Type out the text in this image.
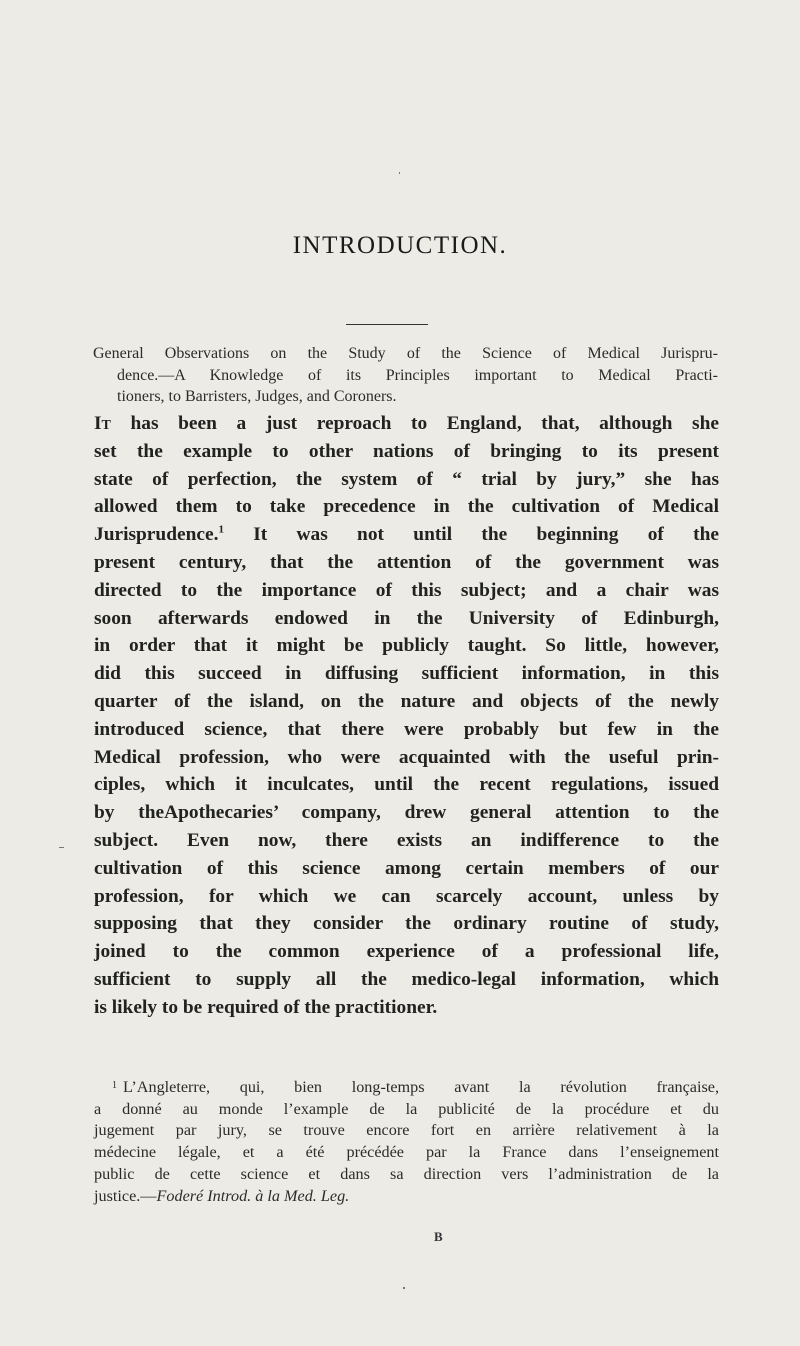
INTRODUCTION.
General Observations on the Study of the Science of Medical Jurispru-
dence.—A Knowledge of its Principles important to Medical Practi-
tioners, to Barristers, Judges, and Coroners.
It has been a just reproach to England, that, although she
set the example to other nations of bringing to its present
state of perfection, the system of “ trial by jury,” she has
allowed them to take precedence in the cultivation of Medical
Jurisprudence.$^1$ It was not until the beginning of the
present century, that the attention of the government was
directed to the importance of this subject; and a chair was
soon afterwards endowed in the University of Edinburgh,
in order that it might be publicly taught. So little, however,
did this succeed in diffusing sufficient information, in this
quarter of the island, on the nature and objects of the newly
introduced science, that there were probably but few in the
Medical profession, who were acquainted with the useful prin-
ciples, which it inculcates, until the recent regulations, issued
by theApothecaries’ company, drew general attention to the
subject. Even now, there exists an indifference to the
cultivation of this science among certain members of our
profession, for which we can scarcely account, unless by
supposing that they consider the ordinary routine of study,
joined to the common experience of a professional life,
sufficient to supply all the medico-legal information, which
is likely to be required of the practitioner.
$^1$ L’Angleterre, qui, bien long-temps avant la révolution française,
a donné au monde l’example de la publicité de la procédure et du
jugement par jury, se trouve encore fort en arrière relativement à la
médecine légale, et a été précédée par la France dans l’enseignement
public de cette science et dans sa direction vers l’administration de la
justice.—Foderé Introd. à la Med. Leg.
B
